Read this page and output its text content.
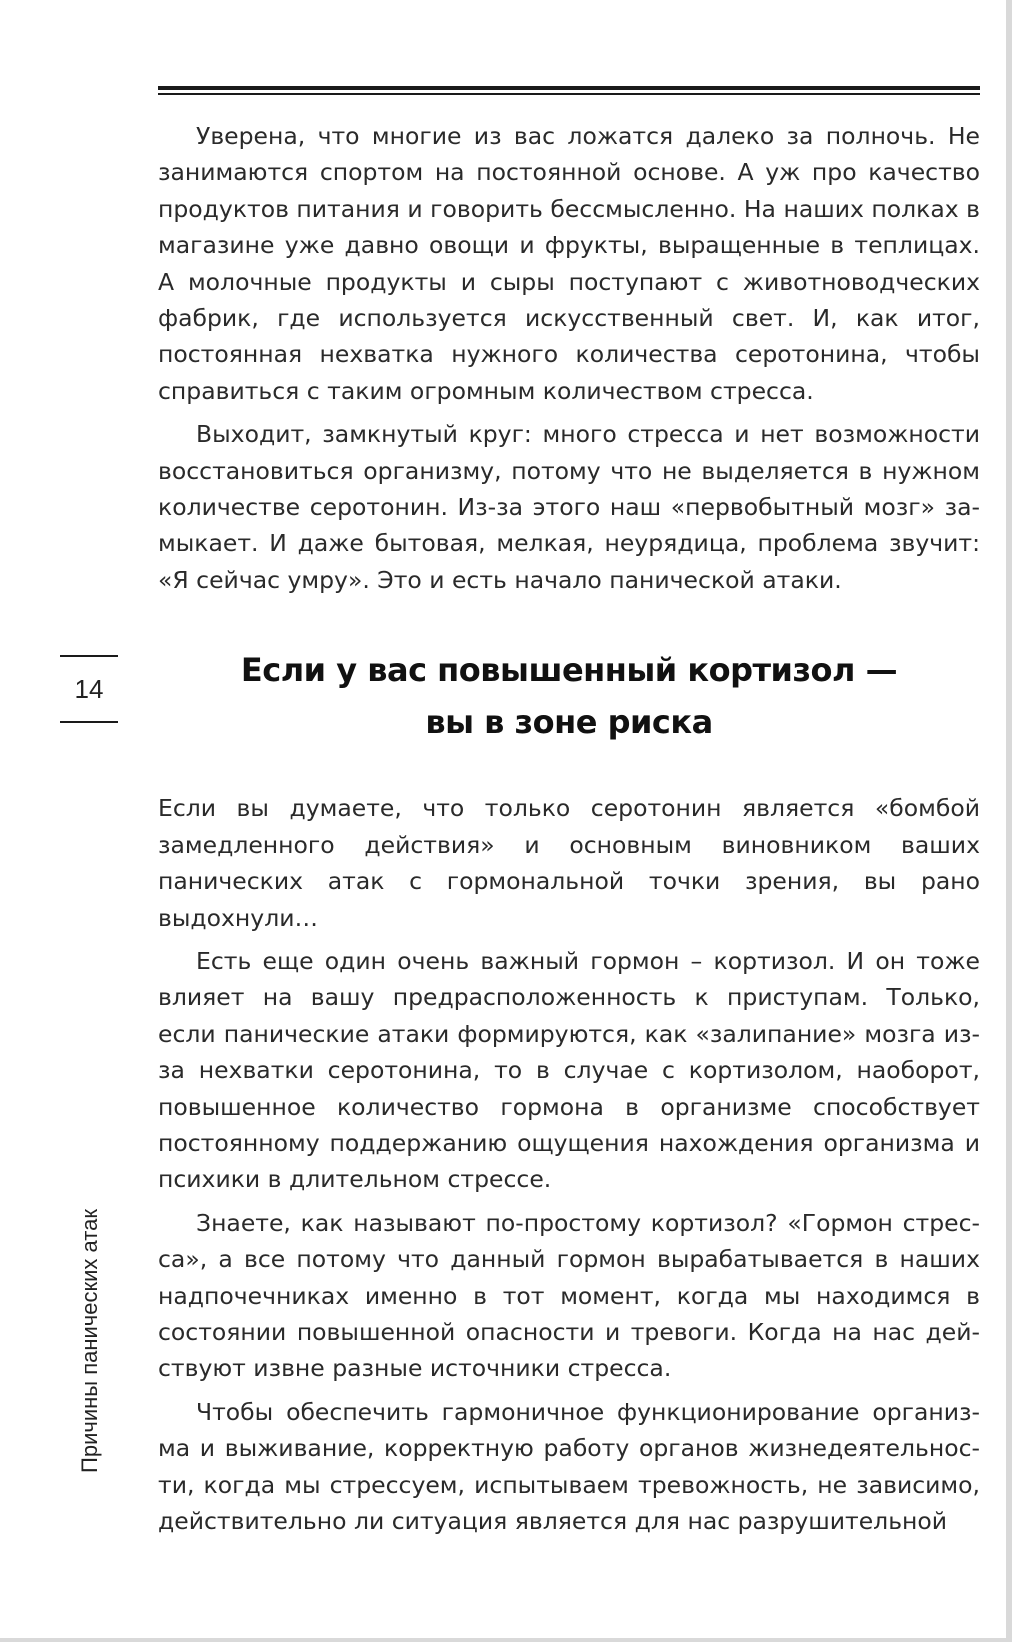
14
Причины панических атак

Уверена, что многие из вас ложатся далеко за полночь. Не занимаются спортом на постоянной основе. А уж про качество продуктов питания и говорить бессмысленно. На наших полках в магазине уже давно овощи и фрукты, выращенные в теплицах. А молочные продукты и сыры поступают с животноводческих фабрик, где используется искусственный свет. И, как итог, постоянная нехватка нужного количества серотонина, чтобы справиться с таким огромным количеством стресса.

Выходит, замкнутый круг: много стресса и нет возможности восстановиться организму, потому что не выделяется в нужном количестве серотонин. Из-за этого наш «первобытный мозг» замыкает. И даже бытовая, мелкая, неурядица, проблема звучит: «Я сейчас умру». Это и есть начало панической атаки.

Если у вас повышенный кортизол —
вы в зоне риска

Если вы думаете, что только серотонин является «бомбой замедленного действия» и основным виновником ваших панических атак с гормональной точки зрения, вы рано выдохнули…

Есть еще один очень важный гормон – кортизол. И он тоже влияет на вашу предрасположенность к приступам. Только, если панические атаки формируются, как «залипание» мозга из-за нехватки серотонина, то в случае с кортизолом, наоборот, повышенное количество гормона в организме способствует постоянному поддержанию ощущения нахождения организма и психики в длительном стрессе.

Знаете, как называют по-простому кортизол? «Гормон стресса», а все потому что данный гормон вырабатывается в наших надпочечниках именно в тот момент, когда мы находимся в состоянии повышенной опасности и тревоги. Когда на нас действуют извне разные источники стресса.

Чтобы обеспечить гармоничное функционирование организма и выживание, корректную работу органов жизнедеятельности, когда мы стрессуем, испытываем тревожность, не зависимо, действительно ли ситуация является для нас разрушительной
